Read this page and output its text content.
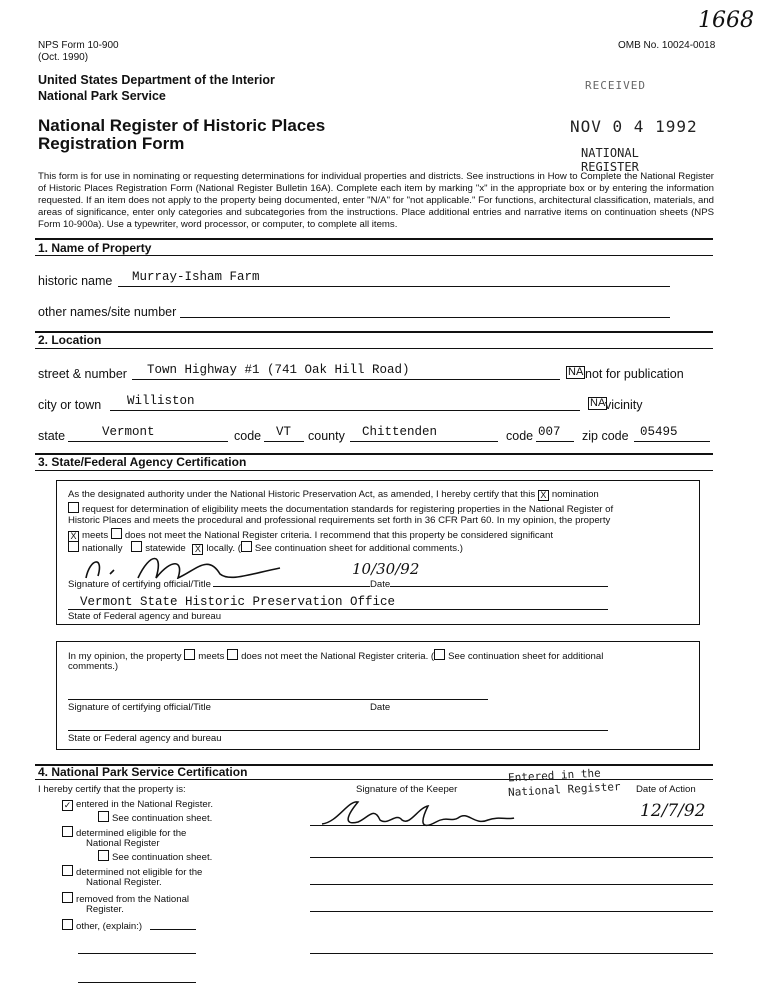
1668
NPS Form 10-900
(Oct. 1990)
OMB No. 10024-0018
United States Department of the Interior
National Park Service
RECEIVED
NOV 0 4 1992
NATIONAL
REGISTER
National Register of Historic Places
Registration Form
This form is for use in nominating or requesting determinations for individual properties and districts. See instructions in How to Complete the National Register of Historic Places Registration Form (National Register Bulletin 16A). Complete each item by marking "x" in the appropriate box or by entering the information requested. If an item does not apply to the property being documented, enter "N/A" for "not applicable." For functions, architectural classification, materials, and areas of significance, enter only categories and subcategories from the instructions. Place additional entries and narrative items on continuation sheets (NPS Form 10-900a). Use a typewriter, word processor, or computer, to complete all items.
1. Name of Property
historic name Murray-Isham Farm
other names/site number
2. Location
street & number Town Highway #1 (741 Oak Hill Road)	NA not for publication
city or town Williston	NA vicinity
state	Vermont	code VT county Chittenden	code 007 zip code 05495
3. State/Federal Agency Certification
As the designated authority under the National Historic Preservation Act, as amended, I hereby certify that this X nomination
request for determination of eligibility meets the documentation standards for registering properties in the National Register of
Historic Places and meets the procedural and professional requirements set forth in 36 CFR Part 60. In my opinion, the property
X meets does not meet the National Register criteria. I recommend that this property be considered significant
nationally statewide X locally. ( See continuation sheet for additional comments.)
10/30/92
Signature of certifying official/Title	Date
Vermont State Historic Preservation Office
State of Federal agency and bureau
In my opinion, the property meets does not meet the National Register criteria. ( See continuation sheet for additional
comments.)
Signature of certifying official/Title	Date
State or Federal agency and bureau
4. National Park Service Certification
I hereby certify that the property is:
✓ entered in the National Register.
See continuation sheet.
determined eligible for the
National Register
See continuation sheet.
determined not eligible for the
National Register.
removed from the National
Register.
other, (explain:)
Signature of the Keeper
Entered in the
National Register Date of Action
12/7/92
